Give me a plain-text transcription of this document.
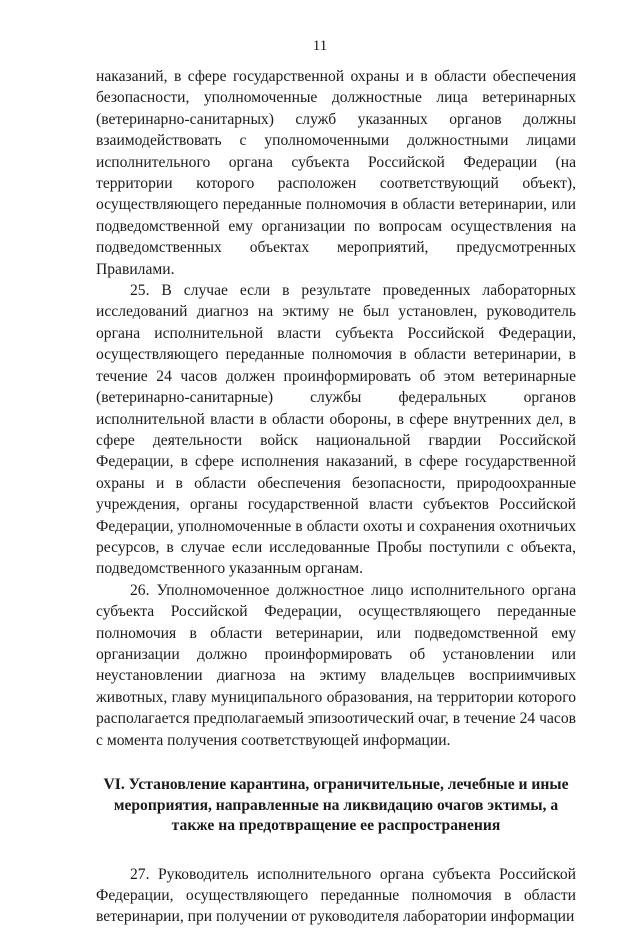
11

наказаний, в сфере государственной охраны и в области обеспечения безопасности, уполномоченные должностные лица ветеринарных (ветеринарно-санитарных) служб указанных органов должны взаимодействовать с уполномоченными должностными лицами исполнительного органа субъекта Российской Федерации (на территории которого расположен соответствующий объект), осуществляющего переданные полномочия в области ветеринарии, или подведомственной ему организации по вопросам осуществления на подведомственных объектах мероприятий, предусмотренных Правилами.

25. В случае если в результате проведенных лабораторных исследований диагноз на эктиму не был установлен, руководитель органа исполнительной власти субъекта Российской Федерации, осуществляющего переданные полномочия в области ветеринарии, в течение 24 часов должен проинформировать об этом ветеринарные (ветеринарно-санитарные) службы федеральных органов исполнительной власти в области обороны, в сфере внутренних дел, в сфере деятельности войск национальной гвардии Российской Федерации, в сфере исполнения наказаний, в сфере государственной охраны и в области обеспечения безопасности, природоохранные учреждения, органы государственной власти субъектов Российской Федерации, уполномоченные в области охоты и сохранения охотничьих ресурсов, в случае если исследованные Пробы поступили с объекта, подведомственного указанным органам.

26. Уполномоченное должностное лицо исполнительного органа субъекта Российской Федерации, осуществляющего переданные полномочия в области ветеринарии, или подведомственной ему организации должно проинформировать об установлении или неустановлении диагноза на эктиму владельцев восприимчивых животных, главу муниципального образования, на территории которого располагается предполагаемый эпизоотический очаг, в течение 24 часов с момента получения соответствующей информации.

VI. Установление карантина, ограничительные, лечебные и иные мероприятия, направленные на ликвидацию очагов эктимы, а также на предотвращение ее распространения

27. Руководитель исполнительного органа субъекта Российской Федерации, осуществляющего переданные полномочия в области ветеринарии, при получении от руководителя лаборатории информации
